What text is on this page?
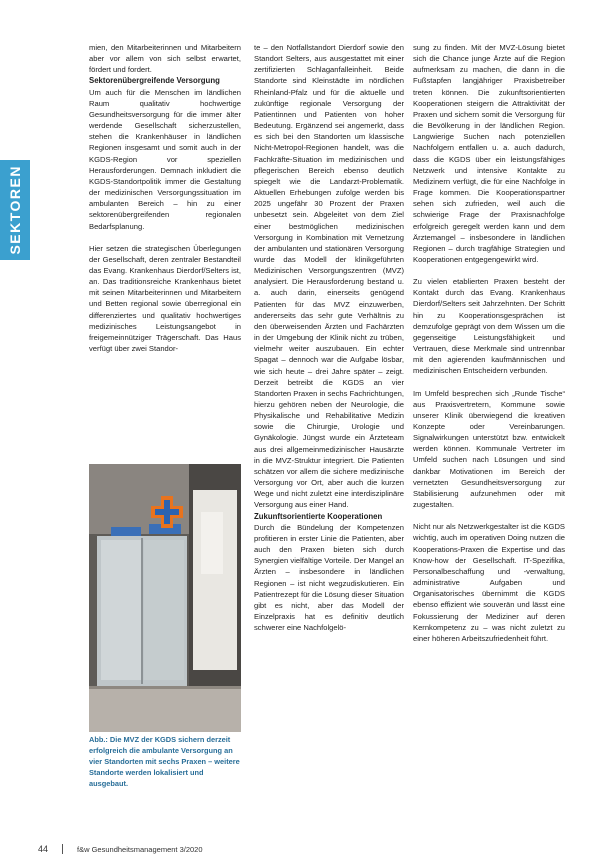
SEKTOREN

mien, den Mitarbeiterinnen und Mitarbeitern aber vor allem von sich selbst erwartet, fördert und fordert.

Sektorenübergreifende Versorgung

Um auch für die Menschen im ländlichen Raum qualitativ hochwertige Gesundheitsversorgung für die immer älter werdende Gesellschaft sicherzustellen, stehen die Krankenhäuser in ländlichen Regionen insgesamt und somit auch in der KGDS-Region vor speziellen Herausforderungen. Demnach inkludiert die KGDS-Standortpolitik immer die Gestaltung der medizinischen Versorgungssituation im ambulanten Bereich – hin zu einer sektorenübergreifenden regionalen Bedarfsplanung.

Hier setzen die strategischen Überlegungen der Gesellschaft, deren zentraler Bestandteil das Evang. Krankenhaus Dierdorf/Selters ist, an. Das traditionsreiche Krankenhaus bietet mit seinen Mitarbeiterinnen und Mitarbeitern und Betten regional sowie überregional ein differenziertes und qualitativ hochwertiges medizinisches Leistungsangebot in freigemeinnütziger Trägerschaft. Das Haus verfügt über zwei Standor-

Abb.: Die MVZ der KGDS sichern derzeit erfolgreich die ambulante Versorgung an vier Standorten mit sechs Praxen – weitere Standorte werden lokalisiert und ausgebaut.

te – den Notfallstandort Dierdorf sowie den Standort Selters, aus ausgestattet mit einer zertifizierten Schlaganfalleinheit. Beide Standorte sind Kleinstädte im nördlichen Rheinland-Pfalz und für die aktuelle und zukünftige regionale Versorgung der Patientinnen und Patienten von hoher Bedeutung. Ergänzend sei angemerkt, dass es sich bei den Standorten um klassische Nicht-Metropol-Regionen handelt, was die Fachkräfte-Situation im medizinischen und pflegerischen Bereich ebenso deutlich spiegelt wie die Landarzt-Problematik. Aktuellen Erhebungen zufolge werden bis 2025 ungefähr 30 Prozent der Praxen unbesetzt sein. Abgeleitet von dem Ziel einer bestmöglichen medizinischen Versorgung in Kombination mit Vernetzung der ambulanten und stationären Versorgung wurde das Modell der klinikgeführten Medizinischen Versorgungszentren (MVZ) analysiert. Die Herausforderung bestand u. a. auch darin, einerseits genügend Patienten für das MVZ einzuwerben, andererseits das sehr gute Verhältnis zu den überweisenden Ärzten und Fachärzten in der Umgebung der Klinik nicht zu trüben, vielmehr weiter auszubauen. Ein echter Spagat – dennoch war die Aufgabe lösbar, wie sich heute – drei Jahre später – zeigt. Derzeit betreibt die KGDS an vier Standorten Praxen in sechs Fachrichtungen, hierzu gehören neben der Neurologie, die Physikalische und Rehabilitative Medizin sowie die Chirurgie, Urologie und Gynäkologie. Jüngst wurde ein Ärzteteam aus drei allgemeinmedizinischer Hausärzte in die MVZ-Struktur integriert. Die Patienten schätzen vor allem die sichere medizinische Versorgung vor Ort, aber auch die kurzen Wege und nicht zuletzt eine interdisziplinäre Versorgung aus einer Hand.

Zukunftsorientierte Kooperationen

Durch die Bündelung der Kompetenzen profitieren in erster Linie die Patienten, aber auch den Praxen bieten sich durch Synergien vielfältige Vorteile. Der Mangel an Ärzten – insbesondere in ländlichen Regionen – ist nicht wegzudiskutieren. Ein Patientrezept für die Lösung dieser Situation gibt es nicht, aber das Modell der Einzelpraxis hat es definitiv deutlich schwerer eine Nachfolgelö-

sung zu finden. Mit der MVZ-Lösung bietet sich die Chance junge Ärzte auf die Region aufmerksam zu machen, die dann in die Fußstapfen langjähriger Praxisbetreiber treten können. Die zukunftsorientierten Kooperationen steigern die Attraktivität der Praxen und sichern somit die Versorgung für die Bevölkerung in der ländlichen Region. Langwierige Suchen nach potenziellen Nachfolgern entfallen u. a. auch dadurch, dass die KGDS über ein leistungsfähiges Netzwerk und intensive Kontakte zu Medizinern verfügt, die für eine Nachfolge in Frage kommen. Die Kooperationspartner sehen sich zufrieden, weil auch die schwierige Frage der Praxisnachfolge erfolgreich geregelt werden kann und dem Ärztemangel – insbesondere in ländlichen Regionen – durch tragfähige Strategien und Kooperationen entgegengewirkt wird.

Zu vielen etablierten Praxen besteht der Kontakt durch das Evang. Krankenhaus Dierdorf/Selters seit Jahrzehnten. Der Schritt hin zu Kooperationsgesprächen ist demzufolge geprägt von dem Wissen um die gegenseitige Leistungsfähigkeit und Vertrauen, diese Merkmale sind untrennbar mit den agierenden kaufmännischen und medizinischen Entscheidern verbunden.

Im Umfeld besprechen sich „Runde Tische“ aus Praxisvertretern, Kommune sowie unserer Klinik überwiegend die kreativen Konzepte oder Vereinbarungen. Signalwirkungen unterstützt bzw. entwickelt werden können. Kommunale Vertreter im Umfeld suchen nach Lösungen und sind dankbar Motivationen im Bereich der vernetzten Gesundheitsversorgung zur Stabilisierung aufzunehmen oder mit zugestalten.

Nicht nur als Netzwerkgestalter ist die KGDS wichtig, auch im operativen Doing nutzen die Kooperations-Praxen die Expertise und das Know-how der Gesellschaft. IT-Spezifika, Personalbeschaffung und -verwaltung, administrative Aufgaben und Organisatorisches übernimmt die KGDS ebenso effizient wie souverän und lässt eine Fokussierung der Mediziner auf deren Kernkompetenz zu – was nicht zuletzt zu einer höheren Arbeitszufriedenheit führt.

44	f&w Gesundheitsmanagement 3/2020
